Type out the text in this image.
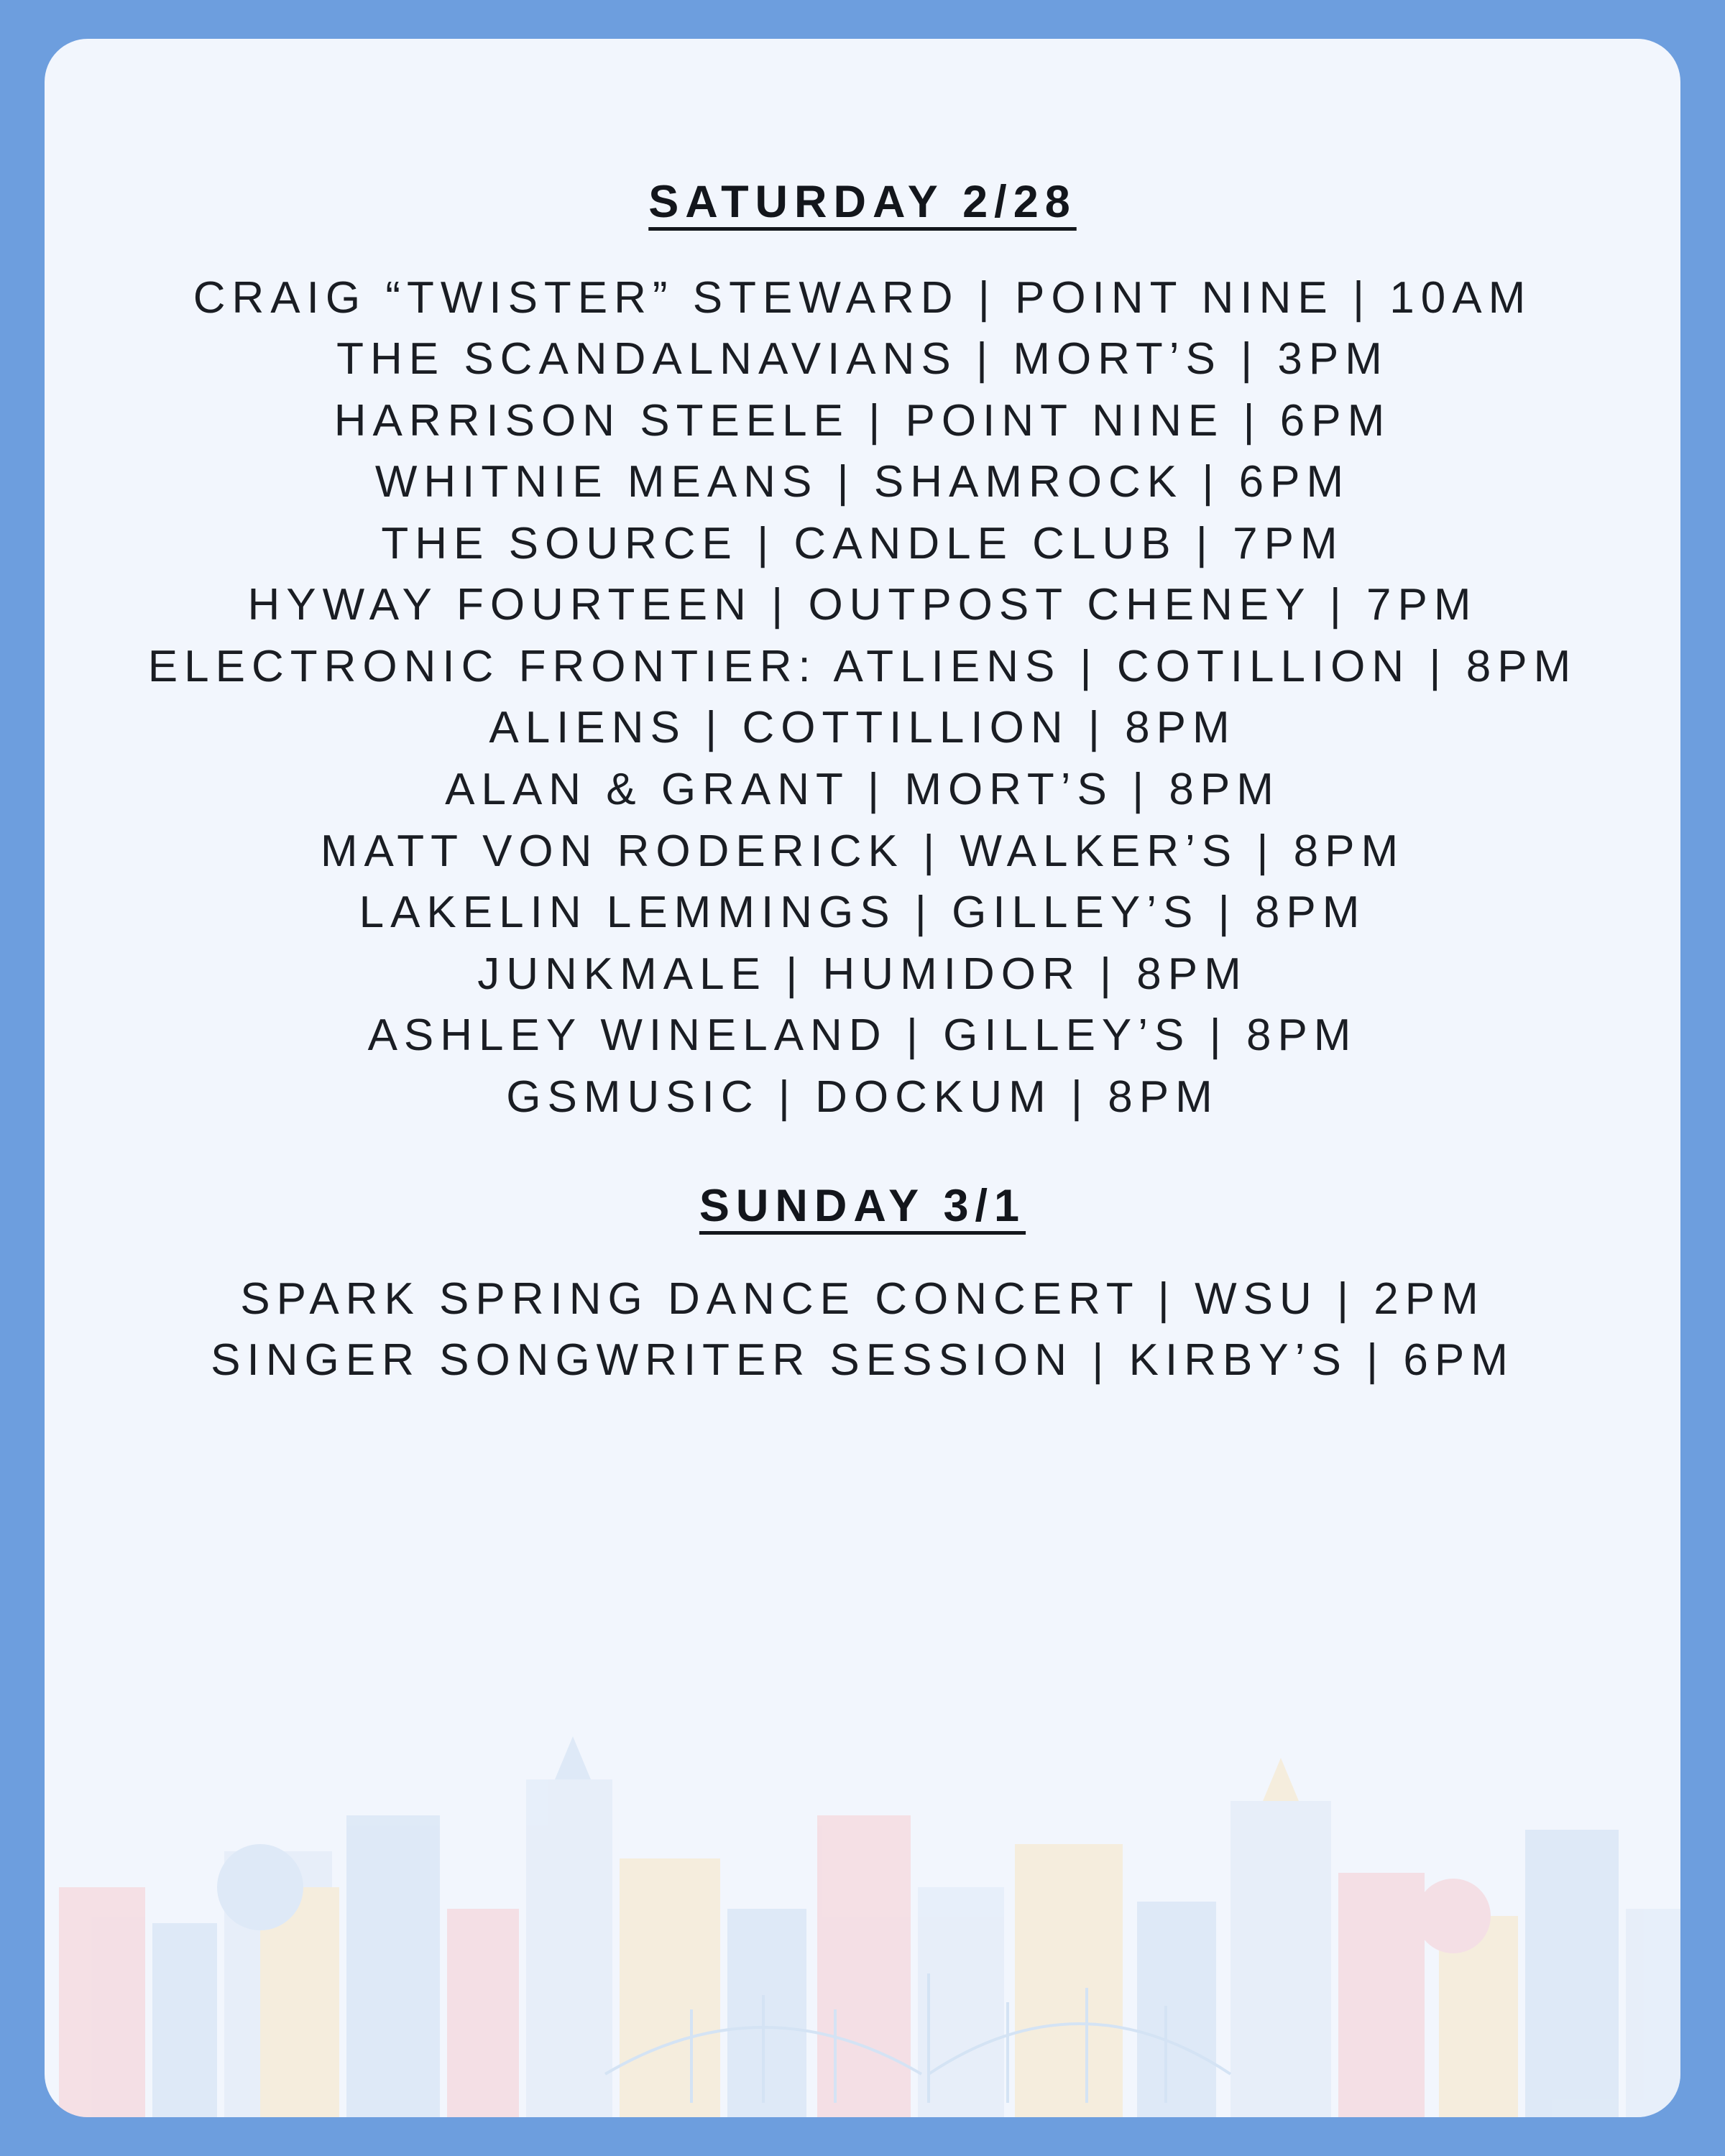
SATURDAY 2/28

CRAIG “TWISTER” STEWARD | POINT NINE | 10AM

THE SCANDALNAVIANS | MORT’S | 3PM

HARRISON STEELE | POINT NINE | 6PM

WHITNIE MEANS | SHAMROCK | 6PM

THE SOURCE | CANDLE CLUB | 7PM

HYWAY FOURTEEN | OUTPOST CHENEY | 7PM

ELECTRONIC FRONTIER: ATLIENS | COTILLION | 8PM

ALIENS | COTTILLION | 8PM

ALAN & GRANT | MORT’S | 8PM

MATT VON RODERICK | WALKER’S | 8PM

LAKELIN LEMMINGS | GILLEY’S | 8PM

JUNKMALE | HUMIDOR | 8PM

ASHLEY WINELAND | GILLEY’S | 8PM

GSMUSIC | DOCKUM | 8PM

SUNDAY 3/1

SPARK SPRING DANCE CONCERT | WSU | 2PM

SINGER SONGWRITER SESSION | KIRBY’S | 6PM
